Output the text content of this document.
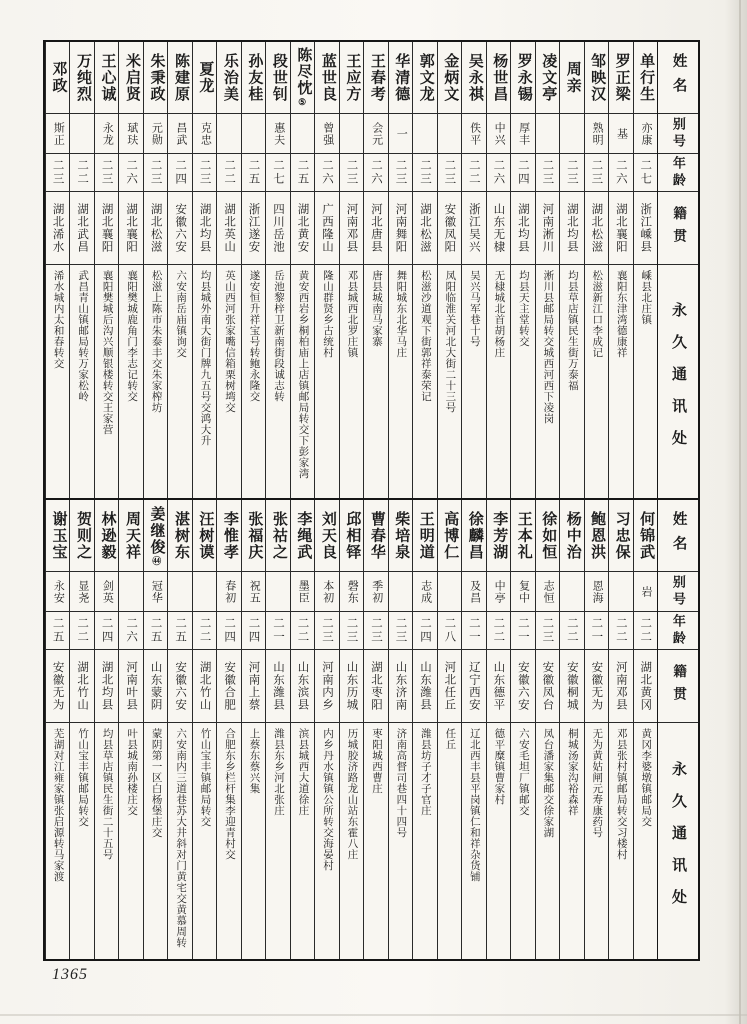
姓名
别号
年龄
籍贯
永久通讯处
单行生
亦康
二七
浙江嵊县
嵊县北庄镇
罗正梁
基
二六
湖北襄阳
襄阳东津湾德康祥
邹映汉
熟明
二三
湖北松滋
松滋新江口李成记
周亲
二三
湖北均县
均县草店镇民生街万泰福
凌文亭
二三
河南淅川
淅川县邮局转交城西河西下凌岗
罗永锡
厚丰
二四
湖北均县
均县天主堂转交
杨世昌
中兴
二六
山东无棣
无棣城北首胡杨庄
吴永祺
佚平
二二
浙江吴兴
吴兴马军巷十号
金炳文
二三
安徽凤阳
凤阳临淮关河北大街二十三号
郭文龙
二三
湖北松滋
松滋沙道观下街郭祥泰荣记
华清德
一
二三
河南舞阳
舞阳城东北华马庄
王春考
会元
二六
河北唐县
唐县城南马家寨
王应方
二三
河南邓县
邓县城西北罗庄镇
蓝世良
曾强
二六
广西隆山
隆山群贤乡古统村
陈尽忱
⑤
二五
湖北黄安
黄安西岩乡桐柏庙上店镇邮局转交下彭家湾
段世钊
惠夫
二七
四川岳池
岳池黎梓卫新南街段诚志转
孙友桂
二五
浙江遂安
遂安恒升祥宝号转鲍永隆交
乐治美
二二
湖北英山
英山西河张家嘴信箱栗树塆交
夏龙
克忠
二三
湖北均县
均县城外南大街门牌九五号交鸿大升
陈建原
昌武
二四
安徽六安
六安南岳庙镇询交
朱秉政
元勋
二三
湖北松滋
松滋上陈市朱泰丰交朱家榨坊
米启贤
珷玞
二六
湖北襄阳
襄阳樊城鹿角门李志记转交
王心诚
永龙
二三
湖北襄阳
襄阳樊城后沟兴顺银楼转交王家营
万纯烈
二二
湖北武昌
武昌青山镇邮局转万家松岭
邓政
斯正
二三
湖北浠水
浠水城内太和春转交
姓名
别号
年龄
籍贯
永久通讯处
何锦武
岩
二二
湖北黄冈
黄冈李婆墩镇邮局交
习忠保
二二
河南邓县
邓县张村镇邮局转交习楼村
鲍恩洪
恩海
二一
安徽无为
无为黄姑闸元寿康药号
杨中治
二二
安徽桐城
桐城汤家沟裕森祥
徐如恒
志恒
二三
安徽凤台
凤台潘家集邮交徐家湖
王本礼
复中
二一
安徽六安
六安毛坦厂镇邮交
李芳湖
中亭
二二
山东德平
德平糜镇曹家村
徐麟昌
及昌
二一
辽宁西安
辽北西丰县平岗镇仁和祥杂货铺
高博仁
二八
河北任丘
任丘
王明道
志成
二四
山东潍县
潍县坊子才子官庄
柴培泉
二三
山东济南
济南高督司巷四十四号
曹春华
季初
二三
湖北枣阳
枣阳城西曹庄
邱相铎
磬东
二三
山东历城
历城胶济路龙山站东霍八庄
刘天良
本初
二三
河南内乡
内乡丹水镇镇公所转交海晏村
李绳武
墨臣
二二
山东滨县
滨县城西大道徐庄
张祜之
二一
山东潍县
潍县东乡河北张庄
张福庆
祝五
二四
河南上蔡
上蔡东蔡兴集
李惟孝
春初
二四
安徽合肥
合肥东乡栏杆集李迎青村交
汪树谟
二二
湖北竹山
竹山宝丰镇邮局转交
湛树东
二五
安徽六安
六安南内三道巷苏大井斜对门黄宅交黄慕周转
姜继俊
㊹
冠华
二五
山东蒙阴
蒙阴第一区白杨堡庄交
周天祥
二六
河南叶县
叶县城南孙楼庄交
林逊毅
剑英
二四
湖北均县
均县草店镇民生街二十五号
贺则之
显尧
二二
湖北竹山
竹山宝丰镇邮局转交
谢玉宝
永安
二五
安徽无为
芜湖对江雍家镇张启源转马家渡
1365
